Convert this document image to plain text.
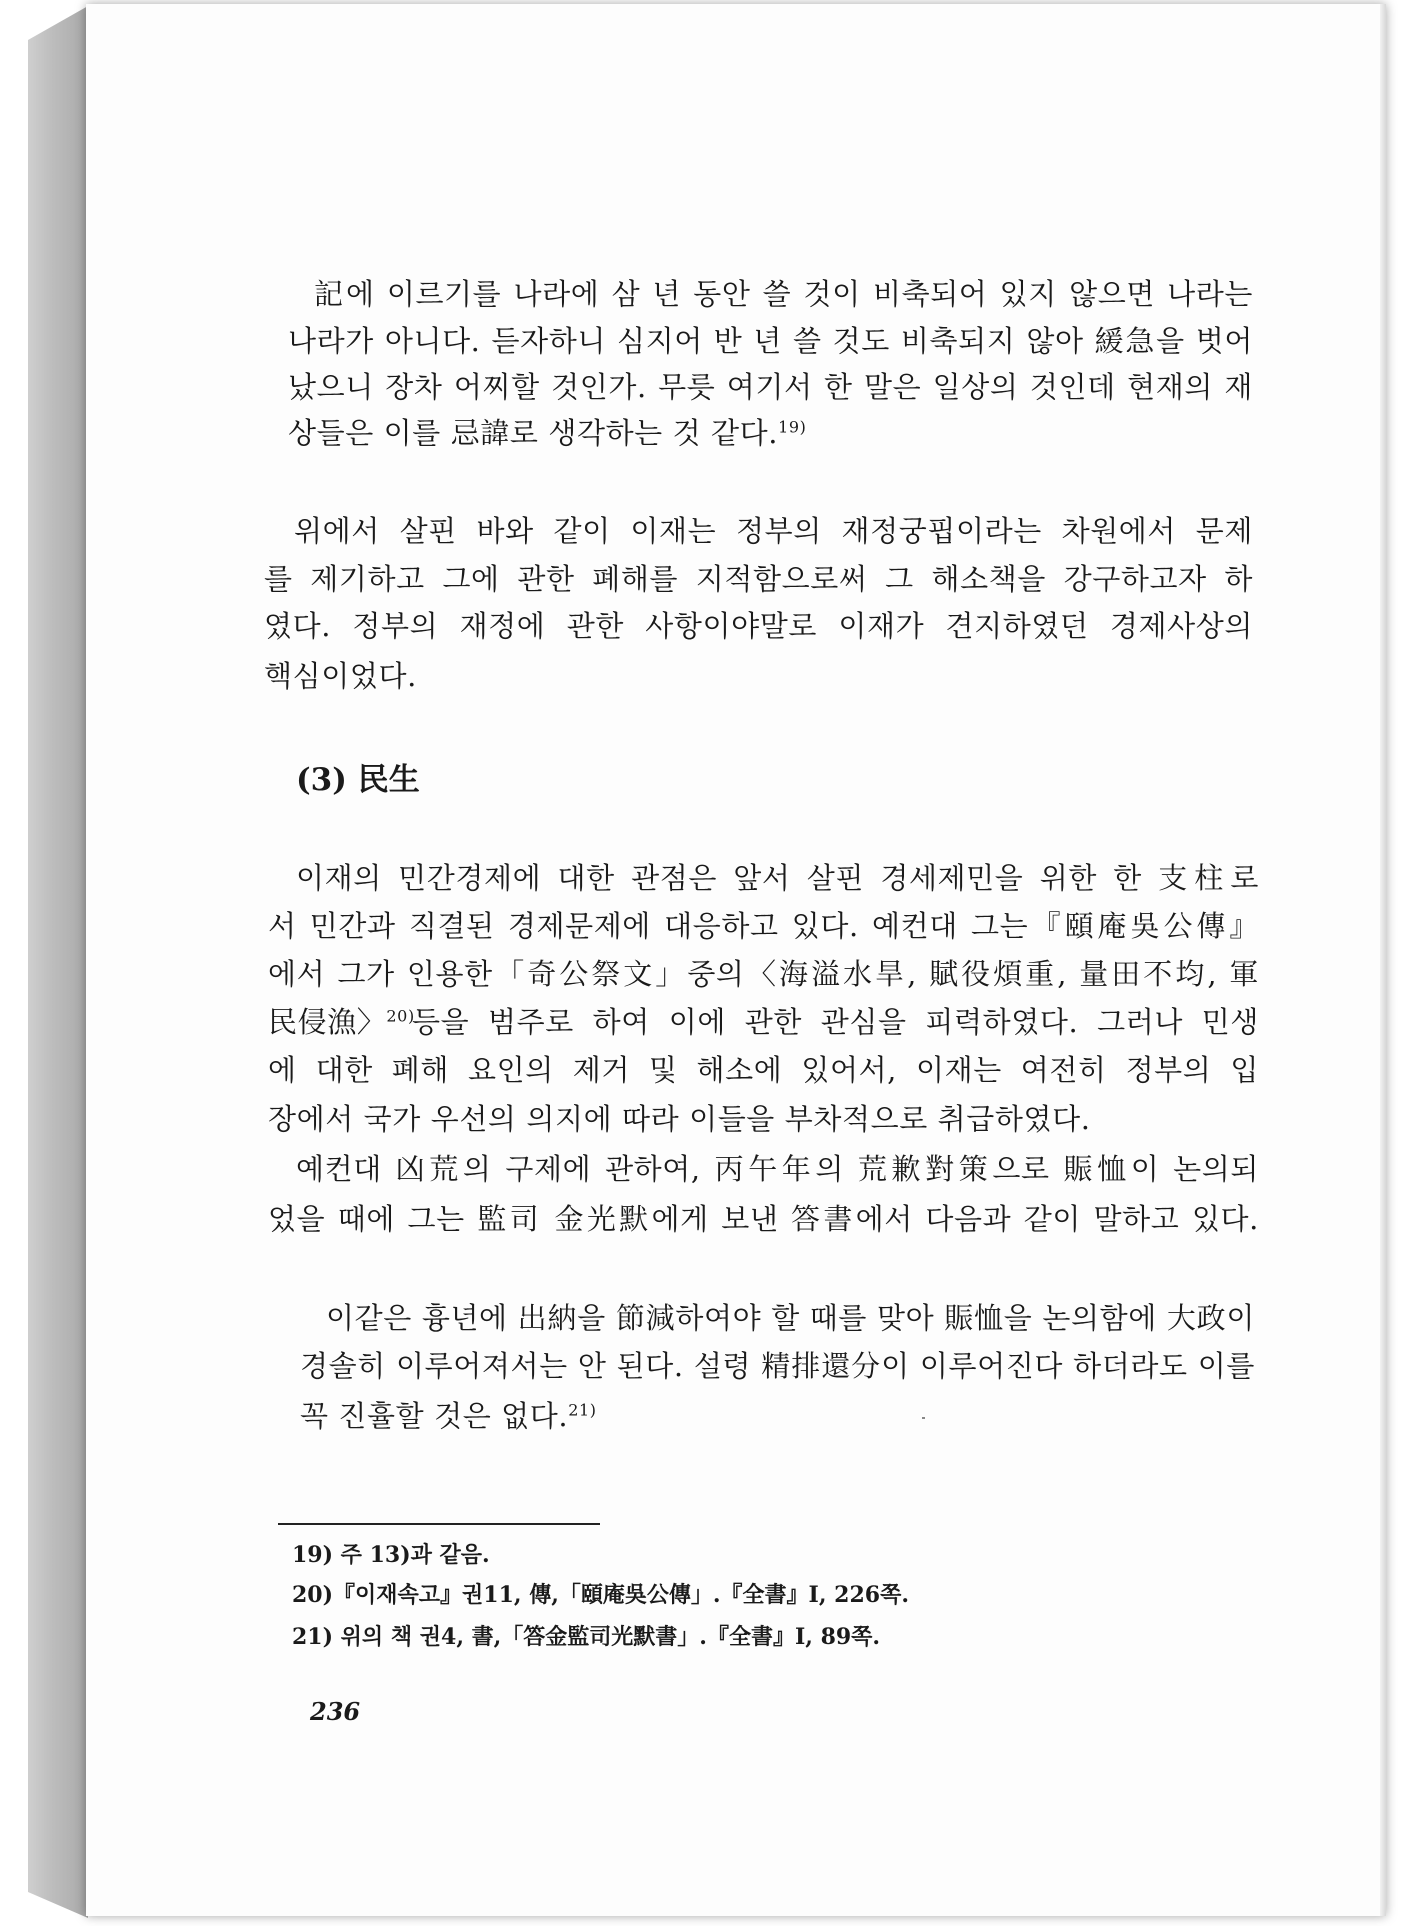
記에 이르기를 나라에 삼 년 동안 쓸 것이 비축되어 있지 않으면 나라는
나라가 아니다. 듣자하니 심지어 반 년 쓸 것도 비축되지 않아 緩急을 벗어
났으니 장차 어찌할 것인가. 무릇 여기서 한 말은 일상의 것인데 현재의 재
상들은 이를 忌諱로 생각하는 것 같다.$^{19)}$
위에서 살핀 바와 같이 이재는 정부의 재정궁핍이라는 차원에서 문제
를 제기하고 그에 관한 폐해를 지적함으로써 그 해소책을 강구하고자 하
였다. 정부의 재정에 관한 사항이야말로 이재가 견지하였던 경제사상의
핵심이었다.
(3) 民生
이재의 민간경제에 대한 관점은 앞서 살핀 경세제민을 위한 한 支柱로
서 민간과 직결된 경제문제에 대응하고 있다. 예컨대 그는『頤庵吳公傳』
에서 그가 인용한「奇公祭文」중의〈海溢水旱, 賦役煩重, 量田不均, 軍
民侵漁〉$^{20)}$
등을 범주로 하여 이에 관한 관심을 피력하였다. 그러나 민생
에 대한 폐해 요인의 제거 및 해소에 있어서, 이재는 여전히 정부의 입
장에서 국가 우선의 의지에 따라 이들을 부차적으로 취급하였다.
예컨대 凶荒의 구제에 관하여, 丙午年의 荒歉對策으로 賑恤이 논의되
었을 때에 그는 監司 金光默에게 보낸 答書에서 다음과 같이 말하고 있다.
이같은 흉년에 出納을 節減하여야 할 때를 맞아 賑恤을 논의함에 大政이
경솔히 이루어져서는 안 된다. 설령 精排還分이 이루어진다 하더라도 이를
꼭 진휼할 것은 없다.$^{21)}$
19) 주 13)과 같음.
20)『이재속고』권11, 傳,「頤庵吳公傳」.『全書』Ⅰ, 226쪽.
21) 위의 책 권4, 書,「答金監司光默書」.『全書』Ⅰ, 89쪽.
236
